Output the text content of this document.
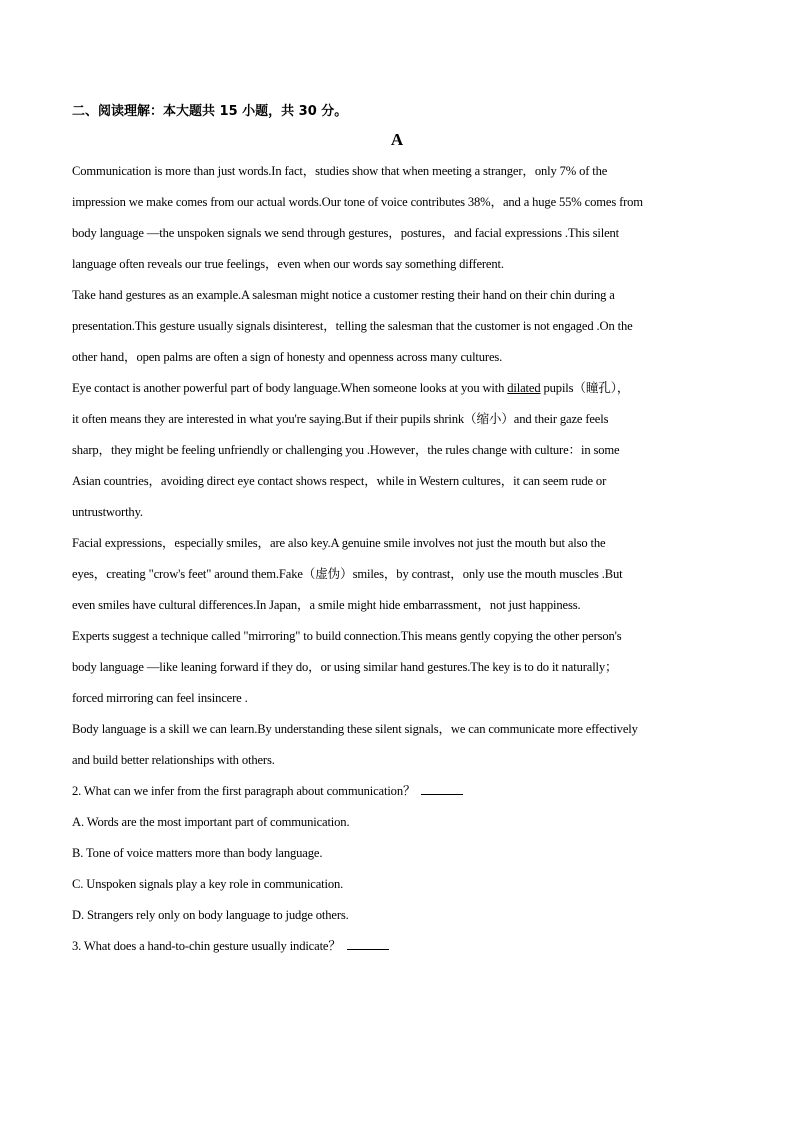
二、阅读理解：本大题共 15 小题，共 30 分。
A
Communication is more than just words.In fact，studies show that when meeting a stranger，only 7% of the
impression we make comes from our actual words.Our tone of voice contributes 38%，and a huge 55% comes from
body language —the unspoken signals we send through gestures，postures，and facial expressions .This silent
language often reveals our true feelings，even when our words say something different.
Take hand gestures as an example.A salesman might notice a customer resting their hand on their chin during a
presentation.This gesture usually signals disinterest，telling the salesman that the customer is not engaged .On the
other hand，open palms are often a sign of honesty and openness across many cultures.
Eye contact is another powerful part of body language.When someone looks at you with dilated pupils（瞳孔），
it often means they are interested in what you're saying.But if their pupils shrink（缩小）and their gaze feels
sharp，they might be feeling unfriendly or challenging you .However，the rules change with culture：in some
Asian countries，avoiding direct eye contact shows respect，while in Western cultures，it can seem rude or
untrustworthy.
Facial expressions，especially smiles，are also key.A genuine smile involves not just the mouth but also the
eyes，creating "crow's feet" around them.Fake（虚伪）smiles，by contrast，only use the mouth muscles .But
even smiles have cultural differences.In Japan，a smile might hide embarrassment，not just happiness.
Experts suggest a technique called "mirroring" to build connection.This means gently copying the other person's
body language —like leaning forward if they do，or using similar hand gestures.The key is to do it naturally；
forced mirroring can feel insincere .
Body language is a skill we can learn.By understanding these silent signals，we can communicate more effectively
and build better relationships with others.
2. What can we infer from the first paragraph about communication？
A. Words are the most important part of communication.
B. Tone of voice matters more than body language.
C. Unspoken signals play a key role in communication.
D. Strangers rely only on body language to judge others.
3. What does a hand-to-chin gesture usually indicate？
